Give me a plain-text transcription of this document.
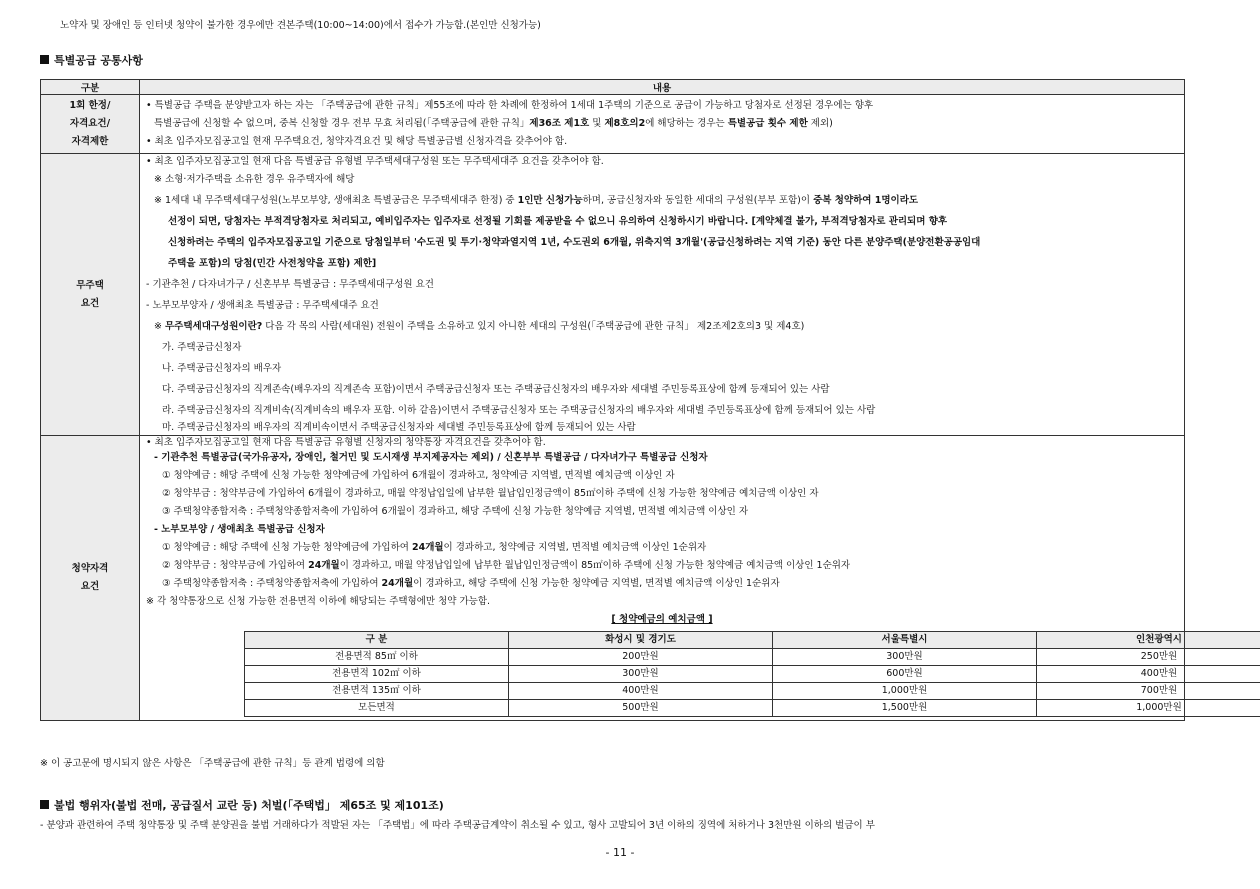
노약자 및 장애인 등 인터넷 청약이 불가한 경우에만 견본주택(10:00~14:00)에서 접수가 가능함.(본인만 신청가능)
특별공급 공통사항
구분	내용

1회 한정/
자격요건/
자격제한

• 특별공급 주택을 분양받고자 하는 자는 「주택공급에 관한 규칙」제55조에 따라 한 차례에 한정하여 1세대 1주택의 기준으로 공급이 가능하고 당첨자로 선정된 경우에는 향후
특별공급에 신청할 수 없으며, 중복 신청할 경우 전부 무효 처리됨(「주택공급에 관한 규칙」제36조 제1호 및 제8호의2에 해당하는 경우는 특별공급 횟수 제한 제외)
• 최초 입주자모집공고일 현재 무주택요건, 청약자격요건 및 해당 특별공급별 신청자격을 갖추어야 함.

무주택
요건

• 최초 입주자모집공고일 현재 다음 특별공급 유형별 무주택세대구성원 또는 무주택세대주 요건을 갖추어야 함.
※ 소형·저가주택을 소유한 경우 유주택자에 해당
※ 1세대 내 무주택세대구성원(노부모부양, 생애최초 특별공급은 무주택세대주 한정) 중 1인만 신청가능하며, 공급신청자와 동일한 세대의 구성원(부부 포함)이 중복 청약하여 1명이라도
선정이 되면, 당첨자는 부적격당첨자로 처리되고, 예비입주자는 입주자로 선정될 기회를 제공받을 수 없으니 유의하여 신청하시기 바랍니다. [계약체결 불가, 부적격당첨자로 관리되며 향후
신청하려는 주택의 입주자모집공고일 기준으로 당첨일부터 '수도권 및 투기·청약과열지역 1년, 수도권외 6개월, 위축지역 3개월'(공급신청하려는 지역 기준) 동안 다른 분양주택(분양전환공공임대
주택을 포함)의 당첨(민간 사전청약을 포함) 제한]
- 기관추천 / 다자녀가구 / 신혼부부 특별공급 : 무주택세대구성원 요건
- 노부모부양자 / 생애최초 특별공급 : 무주택세대주 요건
※ 무주택세대구성원이란? 다음 각 목의 사람(세대원) 전원이 주택을 소유하고 있지 아니한 세대의 구성원(「주택공급에 관한 규칙」 제2조제2호의3 및 제4호)
가. 주택공급신청자
나. 주택공급신청자의 배우자
다. 주택공급신청자의 직계존속(배우자의 직계존속 포함)이면서 주택공급신청자 또는 주택공급신청자의 배우자와 세대별 주민등록표상에 함께 등재되어 있는 사람
라. 주택공급신청자의 직계비속(직계비속의 배우자 포함. 이하 같음)이면서 주택공급신청자 또는 주택공급신청자의 배우자와 세대별 주민등록표상에 함께 등재되어 있는 사람
마. 주택공급신청자의 배우자의 직계비속이면서 주택공급신청자와 세대별 주민등록표상에 함께 등재되어 있는 사람

청약자격
요건

• 최초 입주자모집공고일 현재 다음 특별공급 유형별 신청자의 청약통장 자격요건을 갖추어야 함.
- 기관추천 특별공급(국가유공자, 장애인, 철거민 및 도시재생 부지제공자는 제외) / 신혼부부 특별공급 / 다자녀가구 특별공급 신청자
① 청약예금 : 해당 주택에 신청 가능한 청약예금에 가입하여 6개월이 경과하고, 청약예금 지역별, 면적별 예치금액 이상인 자
② 청약부금 : 청약부금에 가입하여 6개월이 경과하고, 매월 약정납입일에 납부한 월납입인정금액이 85㎡이하 주택에 신청 가능한 청약예금 예치금액 이상인 자
③ 주택청약종합저축 : 주택청약종합저축에 가입하여 6개월이 경과하고, 해당 주택에 신청 가능한 청약예금 지역별, 면적별 예치금액 이상인 자
- 노부모부양 / 생애최초 특별공급 신청자
① 청약예금 : 해당 주택에 신청 가능한 청약예금에 가입하여 24개월이 경과하고, 청약예금 지역별, 면적별 예치금액 이상인 1순위자
② 청약부금 : 청약부금에 가입하여 24개월이 경과하고, 매월 약정납입일에 납부한 월납입인정금액이 85㎡이하 주택에 신청 가능한 청약예금 예치금액 이상인 1순위자
③ 주택청약종합저축 : 주택청약종합저축에 가입하여 24개월이 경과하고, 해당 주택에 신청 가능한 청약예금 지역별, 면적별 예치금액 이상인 1순위자
※ 각 청약통장으로 신청 가능한 전용면적 이하에 해당되는 주택형에만 청약 가능함.
[ 청약예금의 예치금액 ]
구 분	화성시 및 경기도	서울특별시	인천광역시
전용면적 85㎡ 이하	200만원	300만원	250만원
전용면적 102㎡ 이하	300만원	600만원	400만원
전용면적 135㎡ 이하	400만원	1,000만원	700만원
모든면적	500만원	1,500만원	1,000만원
※ 이 공고문에 명시되지 않은 사항은 「주택공급에 관한 규칙」등 관계 법령에 의함
불법 행위자(불법 전매, 공급질서 교란 등) 처벌(「주택법」 제65조 및 제101조)
- 분양과 관련하여 주택 청약통장 및 주택 분양권을 불법 거래하다가 적발된 자는 「주택법」에 따라 주택공급계약이 취소될 수 있고, 형사 고발되어 3년 이하의 징역에 처하거나 3천만원 이하의 벌금이 부
- 11 -
